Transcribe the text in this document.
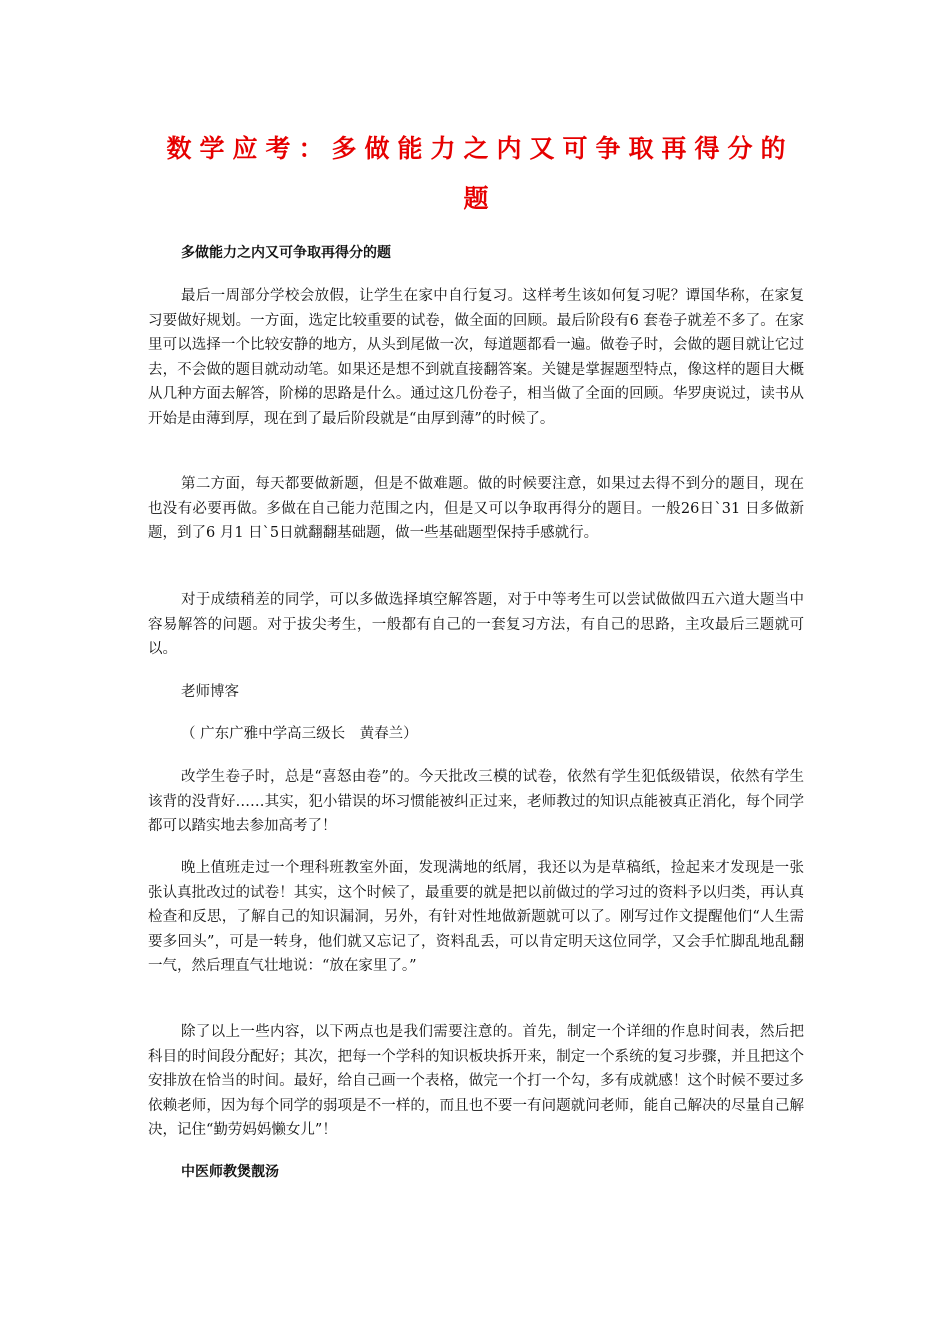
数学应考：多做能力之内又可争取再得分的
题

多做能力之内又可争取再得分的题

最后一周部分学校会放假，让学生在家中自行复习。这样考生该如何复习呢？谭国华称，在家复习要做好规划。一方面，选定比较重要的试卷，做全面的回顾。最后阶段有6 套卷子就差不多了。在家里可以选择一个比较安静的地方，从头到尾做一次，每道题都看一遍。做卷子时，会做的题目就让它过去，不会做的题目就动动笔。如果还是想不到就直接翻答案。关键是掌握题型特点，像这样的题目大概从几种方面去解答，阶梯的思路是什么。通过这几份卷子，相当做了全面的回顾。华罗庚说过，读书从开始是由薄到厚，现在到了最后阶段就是“由厚到薄”的时候了。

第二方面，每天都要做新题，但是不做难题。做的时候要注意，如果过去得不到分的题目，现在也没有必要再做。多做在自己能力范围之内，但是又可以争取再得分的题目。一般26日`31 日多做新题，到了6 月1 日`5日就翻翻基础题，做一些基础题型保持手感就行。

对于成绩稍差的同学，可以多做选择填空解答题，对于中等考生可以尝试做做四五六道大题当中容易解答的问题。对于拔尖考生，一般都有自己的一套复习方法，有自己的思路，主攻最后三题就可以。

老师博客

（ 广东广雅中学高三级长　黄春兰）

改学生卷子时，总是“喜怒由卷”的。今天批改三模的试卷，依然有学生犯低级错误，依然有学生该背的没背好……其实，犯小错误的坏习惯能被纠正过来，老师教过的知识点能被真正消化，每个同学都可以踏实地去参加高考了！

晚上值班走过一个理科班教室外面，发现满地的纸屑，我还以为是草稿纸，捡起来才发现是一张张认真批改过的试卷！其实，这个时候了，最重要的就是把以前做过的学习过的资料予以归类，再认真检查和反思，了解自己的知识漏洞，另外，有针对性地做新题就可以了。刚写过作文提醒他们“人生需要多回头”，可是一转身，他们就又忘记了，资料乱丢，可以肯定明天这位同学，又会手忙脚乱地乱翻一气，然后理直气壮地说：“放在家里了。”

除了以上一些内容，以下两点也是我们需要注意的。首先，制定一个详细的作息时间表，然后把科目的时间段分配好；其次，把每一个学科的知识板块拆开来，制定一个系统的复习步骤，并且把这个安排放在恰当的时间。最好，给自己画一个表格，做完一个打一个勾，多有成就感！这个时候不要过多依赖老师，因为每个同学的弱项是不一样的，而且也不要一有问题就问老师，能自己解决的尽量自己解决，记住“勤劳妈妈懒女儿”！

中医师教煲靓汤
